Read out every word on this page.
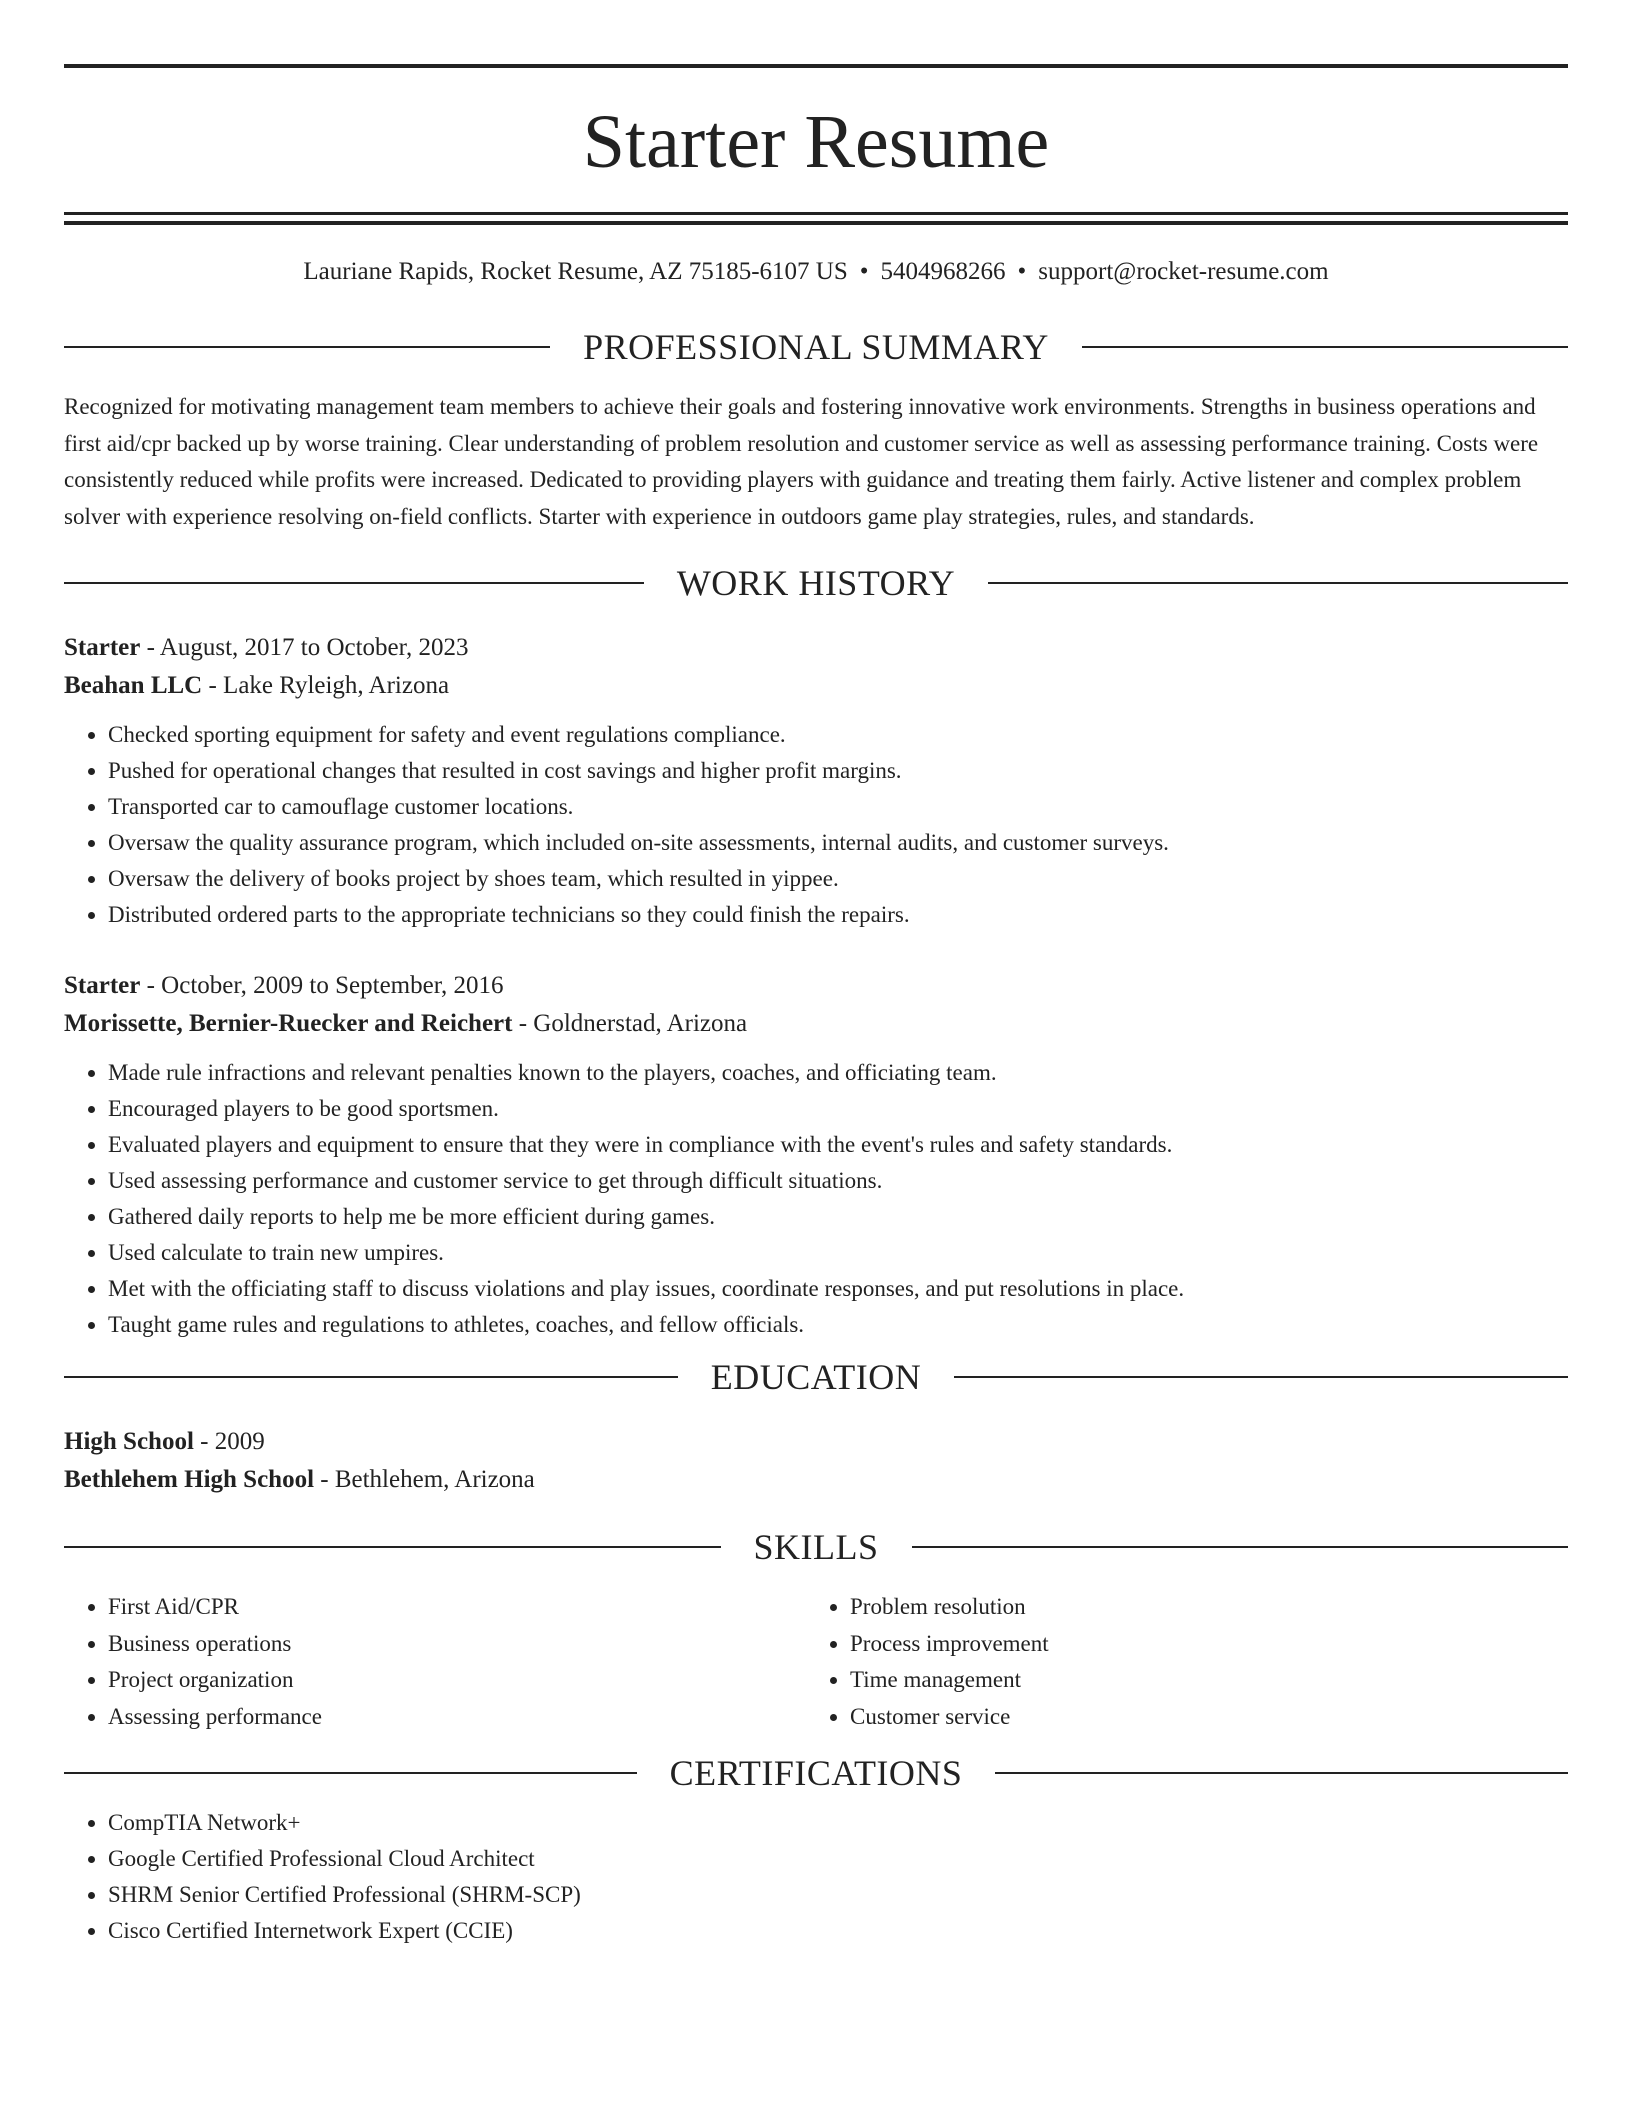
Starter Resume
Lauriane Rapids, Rocket Resume, AZ 75185-6107 US • 5404968266 • support@rocket-resume.com
PROFESSIONAL SUMMARY
Recognized for motivating management team members to achieve their goals and fostering innovative work environments. Strengths in business operations and first aid/cpr backed up by worse training. Clear understanding of problem resolution and customer service as well as assessing performance training. Costs were consistently reduced while profits were increased. Dedicated to providing players with guidance and treating them fairly. Active listener and complex problem solver with experience resolving on-field conflicts. Starter with experience in outdoors game play strategies, rules, and standards.
WORK HISTORY
Starter - August, 2017 to October, 2023
Beahan LLC - Lake Ryleigh, Arizona
• Checked sporting equipment for safety and event regulations compliance.
• Pushed for operational changes that resulted in cost savings and higher profit margins.
• Transported car to camouflage customer locations.
• Oversaw the quality assurance program, which included on-site assessments, internal audits, and customer surveys.
• Oversaw the delivery of books project by shoes team, which resulted in yippee.
• Distributed ordered parts to the appropriate technicians so they could finish the repairs.
Starter - October, 2009 to September, 2016
Morissette, Bernier-Ruecker and Reichert - Goldnerstad, Arizona
• Made rule infractions and relevant penalties known to the players, coaches, and officiating team.
• Encouraged players to be good sportsmen.
• Evaluated players and equipment to ensure that they were in compliance with the event's rules and safety standards.
• Used assessing performance and customer service to get through difficult situations.
• Gathered daily reports to help me be more efficient during games.
• Used calculate to train new umpires.
• Met with the officiating staff to discuss violations and play issues, coordinate responses, and put resolutions in place.
• Taught game rules and regulations to athletes, coaches, and fellow officials.
EDUCATION
High School - 2009
Bethlehem High School - Bethlehem, Arizona
SKILLS
• First Aid/CPR
• Business operations
• Project organization
• Assessing performance
• Problem resolution
• Process improvement
• Time management
• Customer service
CERTIFICATIONS
• CompTIA Network+
• Google Certified Professional Cloud Architect
• SHRM Senior Certified Professional (SHRM-SCP)
• Cisco Certified Internetwork Expert (CCIE)
